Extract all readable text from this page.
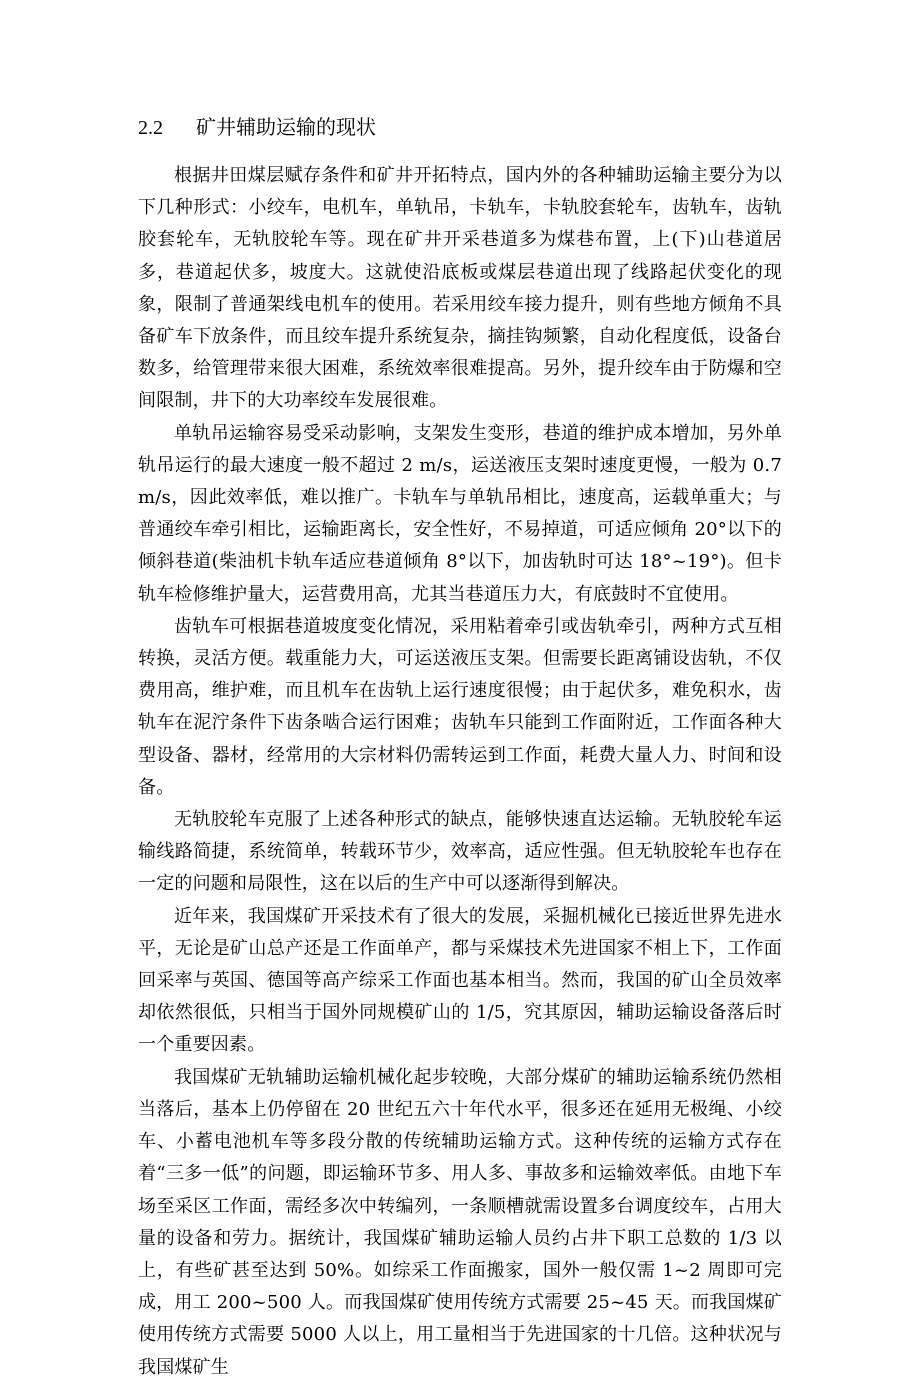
2.2 矿井辅助运输的现状

根据井田煤层赋存条件和矿井开拓特点，国内外的各种辅助运输主要分为以下几种形式：小绞车，电机车，单轨吊，卡轨车，卡轨胶套轮车，齿轨车，齿轨胶套轮车，无轨胶轮车等。现在矿井开采巷道多为煤巷布置，上(下)山巷道居多，巷道起伏多，坡度大。这就使沿底板或煤层巷道出现了线路起伏变化的现象，限制了普通架线电机车的使用。若采用绞车接力提升，则有些地方倾角不具备矿车下放条件，而且绞车提升系统复杂，摘挂钩频繁，自动化程度低，设备台数多，给管理带来很大困难，系统效率很难提高。另外，提升绞车由于防爆和空间限制，井下的大功率绞车发展很难。

单轨吊运输容易受采动影响，支架发生变形，巷道的维护成本增加，另外单轨吊运行的最大速度一般不超过 2 m/s，运送液压支架时速度更慢，一般为 0.7 m/s，因此效率低，难以推广。卡轨车与单轨吊相比，速度高，运载单重大；与普通绞车牵引相比，运输距离长，安全性好，不易掉道，可适应倾角 20°以下的倾斜巷道(柴油机卡轨车适应巷道倾角 8°以下，加齿轨时可达 18°~19°)。但卡轨车检修维护量大，运营费用高，尤其当巷道压力大，有底鼓时不宜使用。

齿轨车可根据巷道坡度变化情况，采用粘着牵引或齿轨牵引，两种方式互相转换，灵活方便。载重能力大，可运送液压支架。但需要长距离铺设齿轨，不仅费用高，维护难，而且机车在齿轨上运行速度很慢；由于起伏多，难免积水，齿轨车在泥泞条件下齿条啮合运行困难；齿轨车只能到工作面附近，工作面各种大型设备、器材，经常用的大宗材料仍需转运到工作面，耗费大量人力、时间和设备。

无轨胶轮车克服了上述各种形式的缺点，能够快速直达运输。无轨胶轮车运输线路简捷，系统简单，转载环节少，效率高，适应性强。但无轨胶轮车也存在一定的问题和局限性，这在以后的生产中可以逐渐得到解决。

近年来，我国煤矿开采技术有了很大的发展，采掘机械化已接近世界先进水平，无论是矿山总产还是工作面单产，都与采煤技术先进国家不相上下，工作面回采率与英国、德国等高产综采工作面也基本相当。然而，我国的矿山全员效率却依然很低，只相当于国外同规模矿山的 1/5，究其原因，辅助运输设备落后时一个重要因素。

我国煤矿无轨辅助运输机械化起步较晚，大部分煤矿的辅助运输系统仍然相当落后，基本上仍停留在 20 世纪五六十年代水平，很多还在延用无极绳、小绞车、小蓄电池机车等多段分散的传统辅助运输方式。这种传统的运输方式存在着“三多一低”的问题，即运输环节多、用人多、事故多和运输效率低。由地下车场至采区工作面，需经多次中转编列，一条顺槽就需设置多台调度绞车，占用大量的设备和劳力。据统计，我国煤矿辅助运输人员约占井下职工总数的 1/3 以上，有些矿甚至达到 50%。如综采工作面搬家，国外一般仅需 1~2 周即可完成，用工 200~500 人。而我国煤矿使用传统方式需要 25~45 天。而我国煤矿使用传统方式需要 5000 人以上，用工量相当于先进国家的十几倍。这种状况与我国煤矿生
